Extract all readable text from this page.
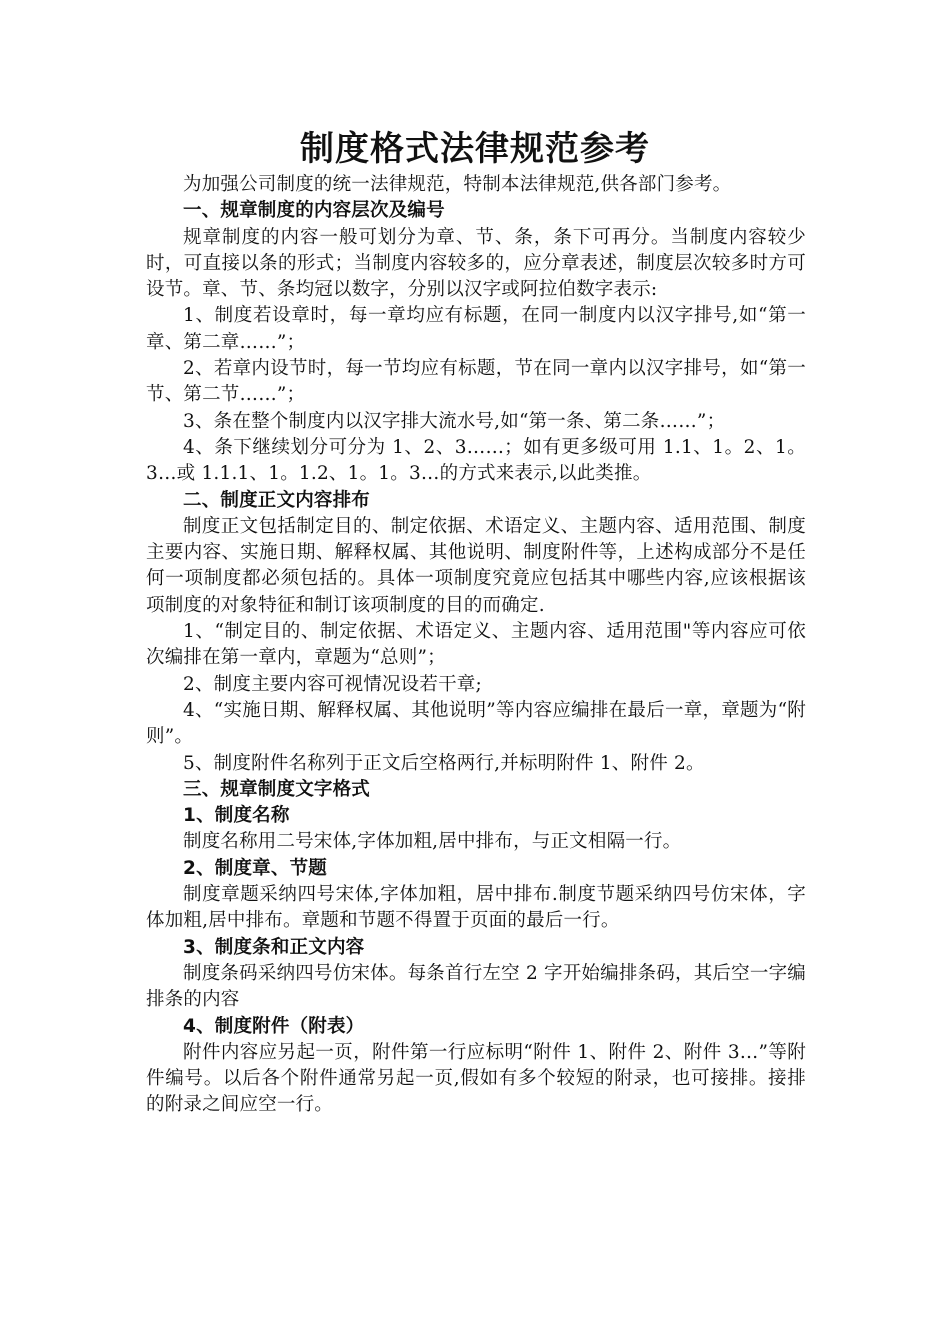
制度格式法律规范参考

为加强公司制度的统一法律规范，特制本法律规范,供各部门参考。

一、规章制度的内容层次及编号

规章制度的内容一般可划分为章、节、条，条下可再分。当制度内容较少时，可直接以条的形式；当制度内容较多的，应分章表述，制度层次较多时方可设节。章、节、条均冠以数字，分别以汉字或阿拉伯数字表示:

1、制度若设章时，每一章均应有标题，在同一制度内以汉字排号,如“第一章、第二章……”；

2、若章内设节时，每一节均应有标题，节在同一章内以汉字排号，如“第一节、第二节……”；

3、条在整个制度内以汉字排大流水号,如“第一条、第二条……”；

4、条下继续划分可分为 1、2、3……；如有更多级可用 1.1、1。2、1。3…或 1.1.1、1。1.2、1。1。3…的方式来表示,以此类推。

二、制度正文内容排布

制度正文包括制定目的、制定依据、术语定义、主题内容、适用范围、制度主要内容、实施日期、解释权属、其他说明、制度附件等，上述构成部分不是任何一项制度都必须包括的。具体一项制度究竟应包括其中哪些内容,应该根据该项制度的对象特征和制订该项制度的目的而确定.

1、“制定目的、制定依据、术语定义、主题内容、适用范围"等内容应可依次编排在第一章内，章题为“总则”；

2、制度主要内容可视情况设若干章;

4、“实施日期、解释权属、其他说明”等内容应编排在最后一章，章题为“附则”。

5、制度附件名称列于正文后空格两行,并标明附件 1、附件 2。

三、规章制度文字格式

1、制度名称

制度名称用二号宋体,字体加粗,居中排布，与正文相隔一行。

2、制度章、节题

制度章题采纳四号宋体,字体加粗，居中排布.制度节题采纳四号仿宋体，字体加粗,居中排布。章题和节题不得置于页面的最后一行。

3、制度条和正文内容

制度条码采纳四号仿宋体。每条首行左空 2 字开始编排条码，其后空一字编排条的内容

4、制度附件（附表）

附件内容应另起一页，附件第一行应标明“附件 1、附件 2、附件 3…”等附件编号。以后各个附件通常另起一页,假如有多个较短的附录，也可接排。接排的附录之间应空一行。
